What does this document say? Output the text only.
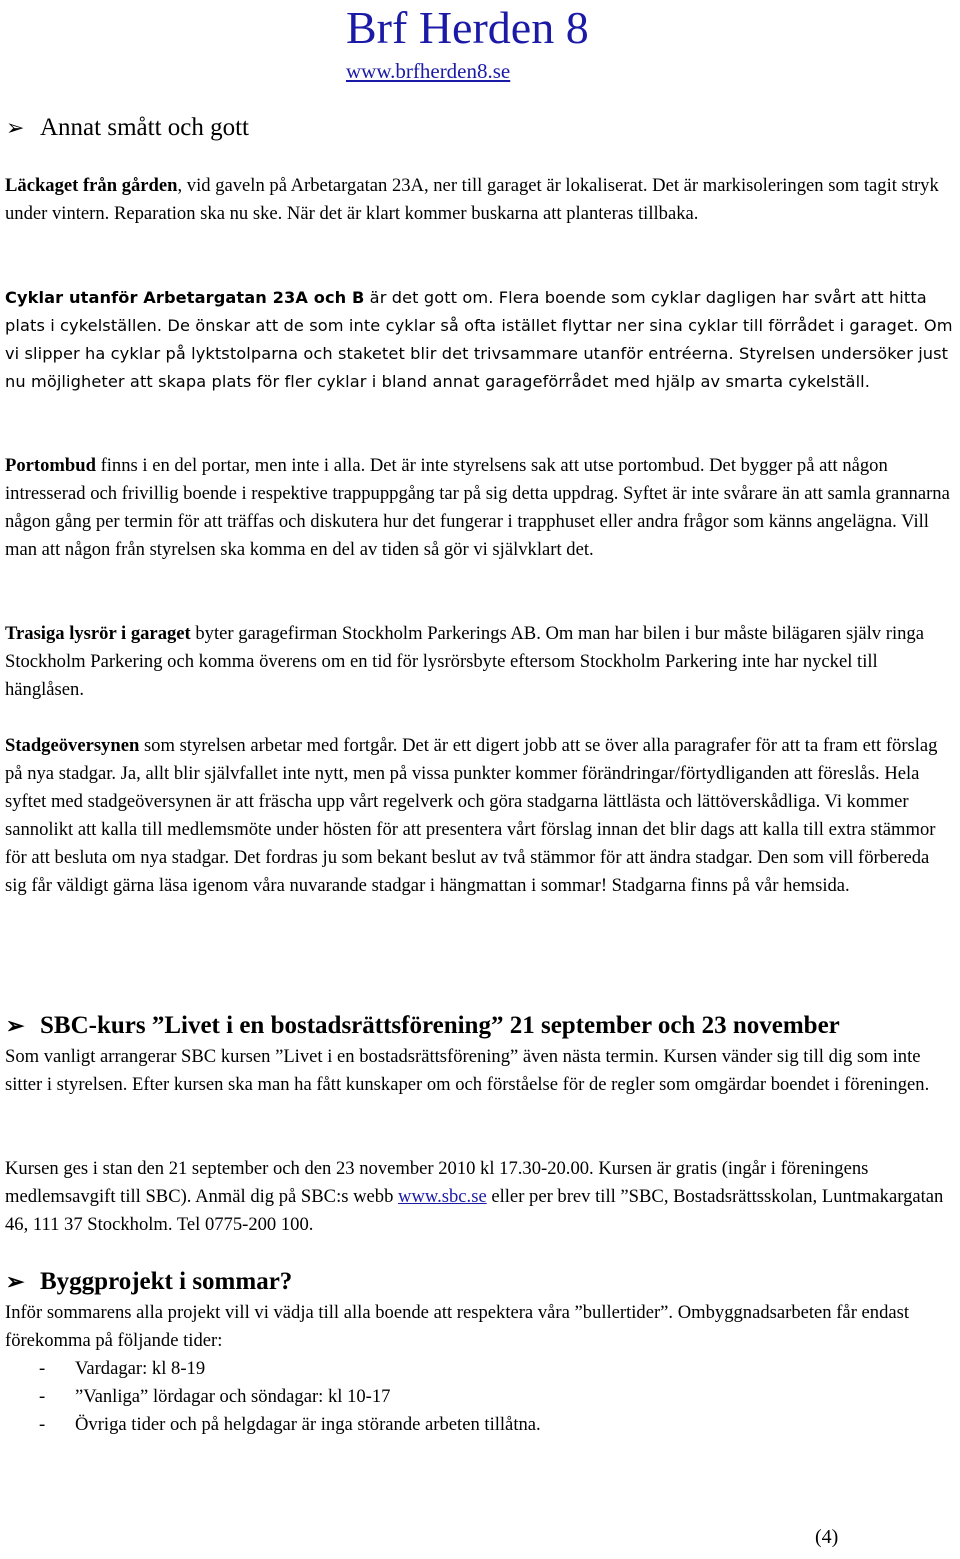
Brf Herden 8
www.brfherden8.se
➢ Annat smått och gott
Läckaget från gården, vid gaveln på Arbetargatan 23A, ner till garaget är lokaliserat. Det är markisoleringen som tagit stryk under vintern. Reparation ska nu ske. När det är klart kommer buskarna att planteras tillbaka.
Cyklar utanför Arbetargatan 23A och B är det gott om. Flera boende som cyklar dagligen har svårt att hitta plats i cykelställen. De önskar att de som inte cyklar så ofta istället flyttar ner sina cyklar till förrådet i garaget. Om vi slipper ha cyklar på lyktstolparna och staketet blir det trivsammare utanför entréerna. Styrelsen undersöker just nu möjligheter att skapa plats för fler cyklar i bland annat garageförrådet med hjälp av smarta cykelställ.
Portombud finns i en del portar, men inte i alla. Det är inte styrelsens sak att utse portombud. Det bygger på att någon intresserad och frivillig boende i respektive trappuppgång tar på sig detta uppdrag. Syftet är inte svårare än att samla grannarna någon gång per termin för att träffas och diskutera hur det fungerar i trapphuset eller andra frågor som känns angelägna. Vill man att någon från styrelsen ska komma en del av tiden så gör vi självklart det.
Trasiga lysrör i garaget byter garagefirman Stockholm Parkerings AB. Om man har bilen i bur måste bilägaren själv ringa Stockholm Parkering och komma överens om en tid för lysrörsbyte eftersom Stockholm Parkering inte har nyckel till hänglåsen.
Stadgeöversynen som styrelsen arbetar med fortgår. Det är ett digert jobb att se över alla paragrafer för att ta fram ett förslag på nya stadgar. Ja, allt blir självfallet inte nytt, men på vissa punkter kommer förändringar/förtydliganden att föreslås. Hela syftet med stadgeöversynen är att fräscha upp vårt regelverk och göra stadgarna lättlästa och lättöverskådliga. Vi kommer sannolikt att kalla till medlemsmöte under hösten för att presentera vårt förslag innan det blir dags att kalla till extra stämmor för att besluta om nya stadgar. Det fordras ju som bekant beslut av två stämmor för att ändra stadgar. Den som vill förbereda sig får väldigt gärna läsa igenom våra nuvarande stadgar i hängmattan i sommar! Stadgarna finns på vår hemsida.
➢ SBC-kurs ”Livet i en bostadsrättsförening” 21 september och 23 november
Som vanligt arrangerar SBC kursen ”Livet i en bostadsrättsförening” även nästa termin. Kursen vänder sig till dig som inte sitter i styrelsen. Efter kursen ska man ha fått kunskaper om och förståelse för de regler som omgärdar boendet i föreningen.
Kursen ges i stan den 21 september och den 23 november 2010 kl 17.30-20.00. Kursen är gratis (ingår i föreningens medlemsavgift till SBC). Anmäl dig på SBC:s webb www.sbc.se eller per brev till ”SBC, Bostadsrättsskolan, Luntmakargatan 46, 111 37 Stockholm. Tel 0775-200 100.
➢ Byggprojekt i sommar?
Inför sommarens alla projekt vill vi vädja till alla boende att respektera våra ”bullertider”. Ombyggnadsarbeten får endast förekomma på följande tider:
- Vardagar: kl 8-19
- ”Vanliga” lördagar och söndagar: kl 10-17
- Övriga tider och på helgdagar är inga störande arbeten tillåtna.
(4)
